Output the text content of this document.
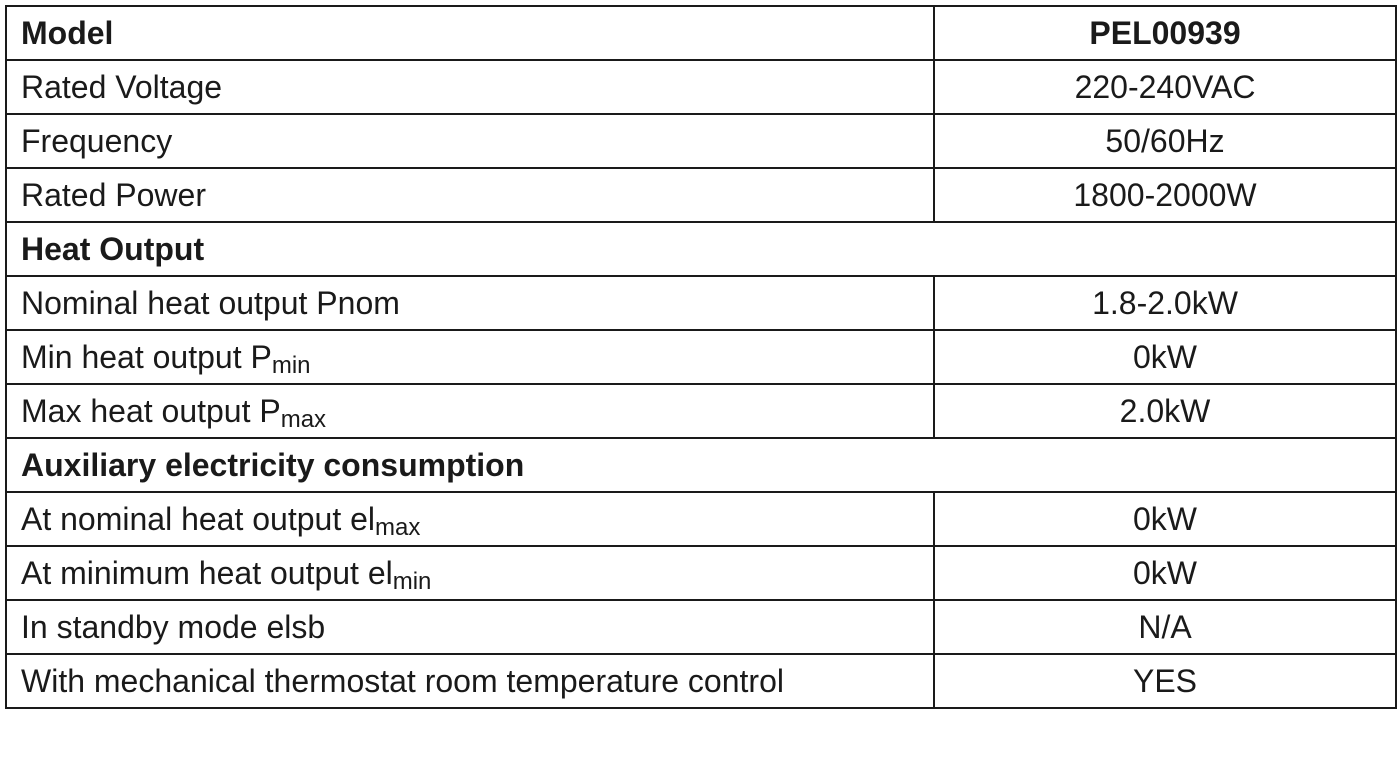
Model	PEL00939
Rated Voltage	220-240VAC
Frequency	50/60Hz
Rated Power	1800-2000W
Heat Output	
Nominal heat output Pnom	1.8-2.0kW
Min heat output Pmin	0kW
Max heat output Pmax	2.0kW
Auxiliary electricity consumption	
At nominal heat output elmax	0kW
At minimum heat output elmin	0kW
In standby mode elsb	N/A
With mechanical thermostat room temperature control	YES
